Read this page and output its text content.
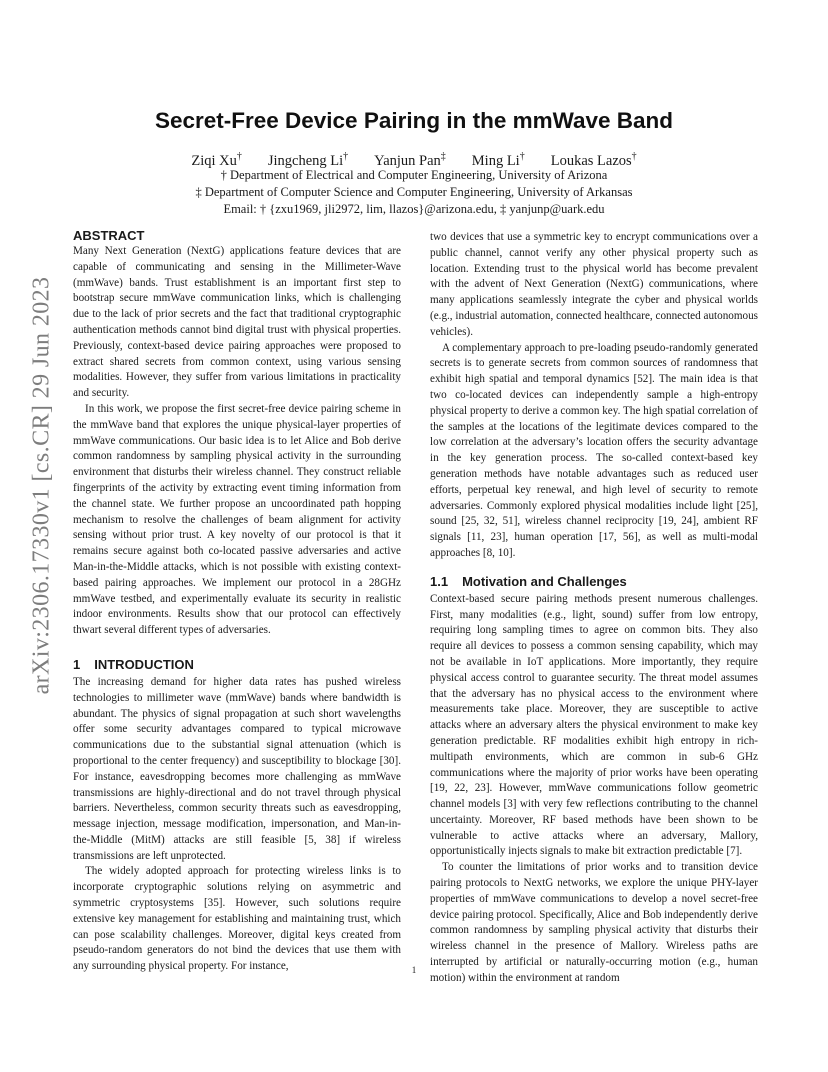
arXiv:2306.17330v1 [cs.CR] 29 Jun 2023
Secret-Free Device Pairing in the mmWave Band
Ziqi Xu† Jingcheng Li† Yanjun Pan‡ Ming Li† Loukas Lazos†
† Department of Electrical and Computer Engineering, University of Arizona
‡ Department of Computer Science and Computer Engineering, University of Arkansas
Email: † {zxu1969, jli2972, lim, llazos}@arizona.edu, ‡ yanjunp@uark.edu
ABSTRACT

Many Next Generation (NextG) applications feature devices that are capable of communicating and sensing in the Millimeter-Wave (mmWave) bands. Trust establishment is an important first step to bootstrap secure mmWave communication links, which is challenging due to the lack of prior secrets and the fact that traditional cryptographic authentication methods cannot bind digital trust with physical properties. Previously, context-based device pairing approaches were proposed to extract shared secrets from common context, using various sensing modalities. However, they suffer from various limitations in practicality and security.

In this work, we propose the first secret-free device pairing scheme in the mmWave band that explores the unique physical-layer properties of mmWave communications. Our basic idea is to let Alice and Bob derive common randomness by sampling physical activity in the surrounding environment that disturbs their wireless channel. They construct reliable fingerprints of the activity by extracting event timing information from the channel state. We further propose an uncoordinated path hopping mechanism to resolve the challenges of beam alignment for activity sensing without prior trust. A key novelty of our protocol is that it remains secure against both co-located passive adversaries and active Man-in-the-Middle attacks, which is not possible with existing context-based pairing approaches. We implement our protocol in a 28GHz mmWave testbed, and experimentally evaluate its security in realistic indoor environments. Results show that our protocol can effectively thwart several different types of adversaries.

1 INTRODUCTION

The increasing demand for higher data rates has pushed wireless technologies to millimeter wave (mmWave) bands where bandwidth is abundant. The physics of signal propagation at such short wavelengths offer some security advantages compared to typical microwave communications due to the substantial signal attenuation (which is proportional to the center frequency) and susceptibility to blockage [30]. For instance, eavesdropping becomes more challenging as mmWave transmissions are highly-directional and do not travel through physical barriers. Nevertheless, common security threats such as eavesdropping, message injection, message modification, impersonation, and Man-in-the-Middle (MitM) attacks are still feasible [5, 38] if wireless transmissions are left unprotected.

The widely adopted approach for protecting wireless links is to incorporate cryptographic solutions relying on asymmetric and symmetric cryptosystems [35]. However, such solutions require extensive key management for establishing and maintaining trust, which can pose scalability challenges. Moreover, digital keys created from pseudo-random generators do not bind the devices that use them with any surrounding physical property. For instance,

two devices that use a symmetric key to encrypt communications over a public channel, cannot verify any other physical property such as location. Extending trust to the physical world has become prevalent with the advent of Next Generation (NextG) communications, where many applications seamlessly integrate the cyber and physical worlds (e.g., industrial automation, connected healthcare, connected autonomous vehicles).

A complementary approach to pre-loading pseudo-randomly generated secrets is to generate secrets from common sources of randomness that exhibit high spatial and temporal dynamics [52]. The main idea is that two co-located devices can independently sample a high-entropy physical property to derive a common key. The high spatial correlation of the samples at the locations of the legitimate devices compared to the low correlation at the adversary’s location offers the security advantage in the key generation process. The so-called context-based key generation methods have notable advantages such as reduced user efforts, perpetual key renewal, and high level of security to remote adversaries. Commonly explored physical modalities include light [25], sound [25, 32, 51], wireless channel reciprocity [19, 24], ambient RF signals [11, 23], human operation [17, 56], as well as multi-modal approaches [8, 10].

1.1 Motivation and Challenges

Context-based secure pairing methods present numerous challenges. First, many modalities (e.g., light, sound) suffer from low entropy, requiring long sampling times to agree on common bits. They also require all devices to possess a common sensing capability, which may not be available in IoT applications. More importantly, they require physical access control to guarantee security. The threat model assumes that the adversary has no physical access to the environment where measurements take place. Moreover, they are susceptible to active attacks where an adversary alters the physical environment to make key generation predictable. RF modalities exhibit high entropy in rich-multipath environments, which are common in sub-6 GHz communications where the majority of prior works have been operating [19, 22, 23]. However, mmWave communications follow geometric channel models [3] with very few reflections contributing to the channel uncertainty. Moreover, RF based methods have been shown to be vulnerable to active attacks where an adversary, Mallory, opportunistically injects signals to make bit extraction predictable [7].

To counter the limitations of prior works and to transition device pairing protocols to NextG networks, we explore the unique PHY-layer properties of mmWave communications to develop a novel secret-free device pairing protocol. Specifically, Alice and Bob independently derive common randomness by sampling physical activity that disturbs their wireless channel in the presence of Mallory. Wireless paths are interrupted by artificial or naturally-occurring motion (e.g., human motion) within the environment at random

1
